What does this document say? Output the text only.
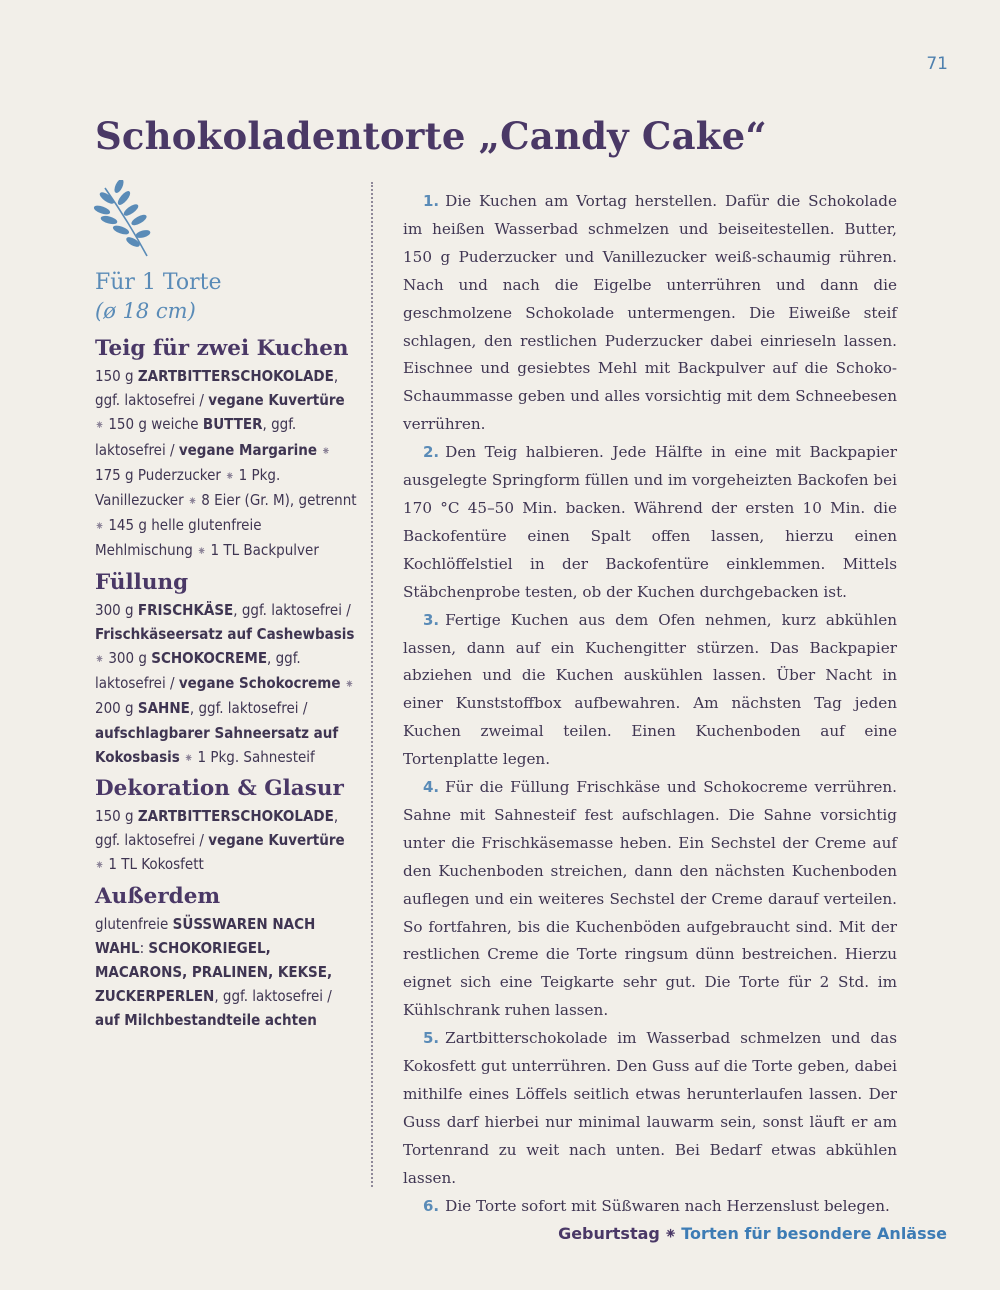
71
Schokoladentorte „Candy Cake“

Für 1 Torte

(ø 18 cm)

Teig für zwei Kuchen

150 g ZARTBITTERSCHOKOLADE, ggf. laktosefrei / vegane Kuvertüre ⁕ 150 g weiche BUTTER, ggf. laktosefrei / vegane Margarine ⁕ 175 g Puderzucker ⁕ 1 Pkg. Vanillezucker ⁕ 8 Eier (Gr. M), getrennt ⁕ 145 g helle glutenfreie Mehlmischung ⁕ 1 TL Backpulver

Füllung

300 g FRISCHKÄSE, ggf. laktosefrei / Frischkäseersatz auf Cashewbasis ⁕ 300 g SCHOKOCREME, ggf. laktosefrei / vegane Schokocreme ⁕ 200 g SAHNE, ggf. laktosefrei / aufschlagbarer Sahneersatz auf Kokosbasis ⁕ 1 Pkg. Sahnesteif

Dekoration & Glasur

150 g ZARTBITTERSCHOKOLADE, ggf. laktosefrei / vegane Kuvertüre ⁕ 1 TL Kokosfett

Außerdem

glutenfreie SÜSSWAREN NACH WAHL: SCHOKORIEGEL, MACARONS, PRALINEN, KEKSE, ZUCKERPERLEN, ggf. laktosefrei / auf Milchbestandteile achten

1. Die Kuchen am Vortag herstellen. Dafür die Schokolade im heißen Wasserbad schmelzen und beiseitestellen. Butter, 150 g Puderzucker und Vanillezucker weiß-schaumig rühren. Nach und nach die Eigelbe unterrühren und dann die geschmolzene Schokolade untermengen. Die Eiweiße steif schlagen, den restlichen Puderzucker dabei einrieseln lassen. Eischnee und gesiebtes Mehl mit Backpulver auf die Schoko-Schaummasse geben und alles vorsichtig mit dem Schneebesen verrühren.

2. Den Teig halbieren. Jede Hälfte in eine mit Backpapier ausgelegte Springform füllen und im vorgeheizten Backofen bei 170 °C 45–50 Min. backen. Während der ersten 10 Min. die Backofentüre einen Spalt offen lassen, hierzu einen Kochlöffelstiel in der Backofentüre einklemmen. Mittels Stäbchenprobe testen, ob der Kuchen durchgebacken ist.

3. Fertige Kuchen aus dem Ofen nehmen, kurz abkühlen lassen, dann auf ein Kuchengitter stürzen. Das Backpapier abziehen und die Kuchen auskühlen lassen. Über Nacht in einer Kunststoffbox aufbewahren. Am nächsten Tag jeden Kuchen zweimal teilen. Einen Kuchenboden auf eine Tortenplatte legen.

4. Für die Füllung Frischkäse und Schokocreme verrühren. Sahne mit Sahnesteif fest aufschlagen. Die Sahne vorsichtig unter die Frischkäsemasse heben. Ein Sechstel der Creme auf den Kuchenboden streichen, dann den nächsten Kuchenboden auflegen und ein weiteres Sechstel der Creme darauf verteilen. So fortfahren, bis die Kuchenböden aufgebraucht sind. Mit der restlichen Creme die Torte ringsum dünn bestreichen. Hierzu eignet sich eine Teigkarte sehr gut. Die Torte für 2 Std. im Kühlschrank ruhen lassen.

5. Zartbitterschokolade im Wasserbad schmelzen und das Kokosfett gut unterrühren. Den Guss auf die Torte geben, dabei mithilfe eines Löffels seitlich etwas herunterlaufen lassen. Der Guss darf hierbei nur minimal lauwarm sein, sonst läuft er am Tortenrand zu weit nach unten. Bei Bedarf etwas abkühlen lassen.

6. Die Torte sofort mit Süßwaren nach Herzenslust belegen.

Geburtstag ⁕ Torten für besondere Anlässe
